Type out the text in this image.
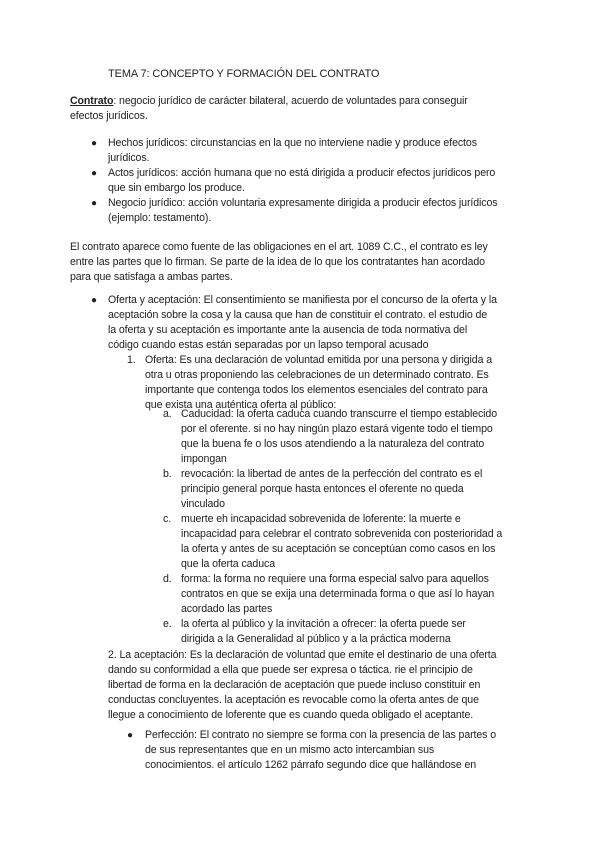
TEMA 7: CONCEPTO Y FORMACIÓN DEL CONTRATO
Contrato: negocio jurídico de carácter bilateral, acuerdo de voluntades para conseguir
efectos jurídicos.
● Hechos jurídicos: circunstancias en la que no interviene nadie y produce efectos
jurídicos.
● Actos jurídicos: acción humana que no está dirigida a producir efectos jurídicos pero
que sin embargo los produce.
● Negocio jurídico: acción voluntaria expresamente dirigida a producir efectos jurídicos
(ejemplo: testamento).
El contrato aparece como fuente de las obligaciones en el art. 1089 C.C., el contrato es ley
entre las partes que lo firman. Se parte de la idea de lo que los contratantes han acordado
para que satisfaga a ambas partes.
● Oferta y aceptación: El consentimiento se manifiesta por el concurso de la oferta y la
aceptación sobre la cosa y la causa que han de constituir el contrato. el estudio de
la oferta y su aceptación es importante ante la ausencia de toda normativa del
código cuando estas están separadas por un lapso temporal acusado
1. Oferta: Es una declaración de voluntad emitida por una persona y dirigida a
otra u otras proponiendo las celebraciones de un determinado contrato. Es
importante que contenga todos los elementos esenciales del contrato para
que exista una auténtica oferta al público:
a. Caducidad: la oferta caduca cuando transcurre el tiempo establecido
por el oferente. si no hay ningún plazo estará vigente todo el tiempo
que la buena fe o los usos atendiendo a la naturaleza del contrato
impongan
b. revocación: la libertad de antes de la perfección del contrato es el
principio general porque hasta entonces el oferente no queda
vinculado
c. muerte eh incapacidad sobrevenida de loferente: la muerte e
incapacidad para celebrar el contrato sobrevenida con posterioridad a
la oferta y antes de su aceptación se conceptúan como casos en los
que la oferta caduca
d. forma: la forma no requiere una forma especial salvo para aquellos
contratos en que se exija una determinada forma o que así lo hayan
acordado las partes
e. la oferta al público y la invitación a ofrecer: la oferta puede ser
dirigida a la Generalidad al público y a la práctica moderna
2. La aceptación: Es la declaración de voluntad que emite el destinario de una oferta
dando su conformidad a ella que puede ser expresa o táctica. rie el principio de
libertad de forma en la declaración de aceptación que puede incluso constituir en
conductas concluyentes. la aceptación es revocable como la oferta antes de que
llegue a conocimiento de loferente que es cuando queda obligado el aceptante.
● Perfección: El contrato no siempre se forma con la presencia de las partes o
de sus representantes que en un mismo acto intercambian sus
conocimientos. el artículo 1262 párrafo segundo dice que hallándose en
